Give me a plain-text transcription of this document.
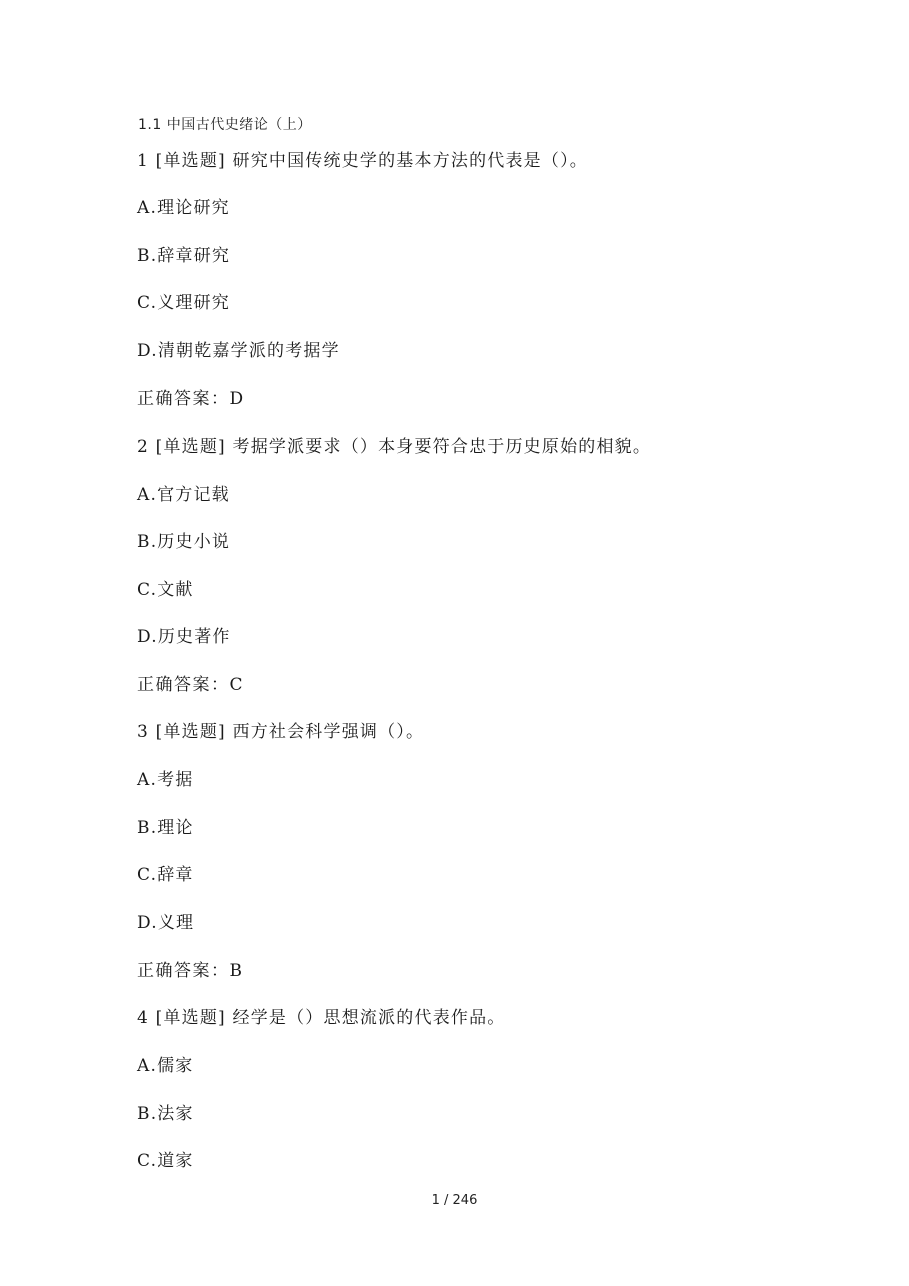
1.1 中国古代史绪论（上）
1 [单选题] 研究中国传统史学的基本方法的代表是（）。
A.理论研究
B.辞章研究
C.义理研究
D.清朝乾嘉学派的考据学
正确答案：D
2 [单选题] 考据学派要求（）本身要符合忠于历史原始的相貌。
A.官方记载
B.历史小说
C.文献
D.历史著作
正确答案：C
3 [单选题] 西方社会科学强调（）。
A.考据
B.理论
C.辞章
D.义理
正确答案：B
4 [单选题] 经学是（）思想流派的代表作品。
A.儒家
B.法家
C.道家
1 / 246
